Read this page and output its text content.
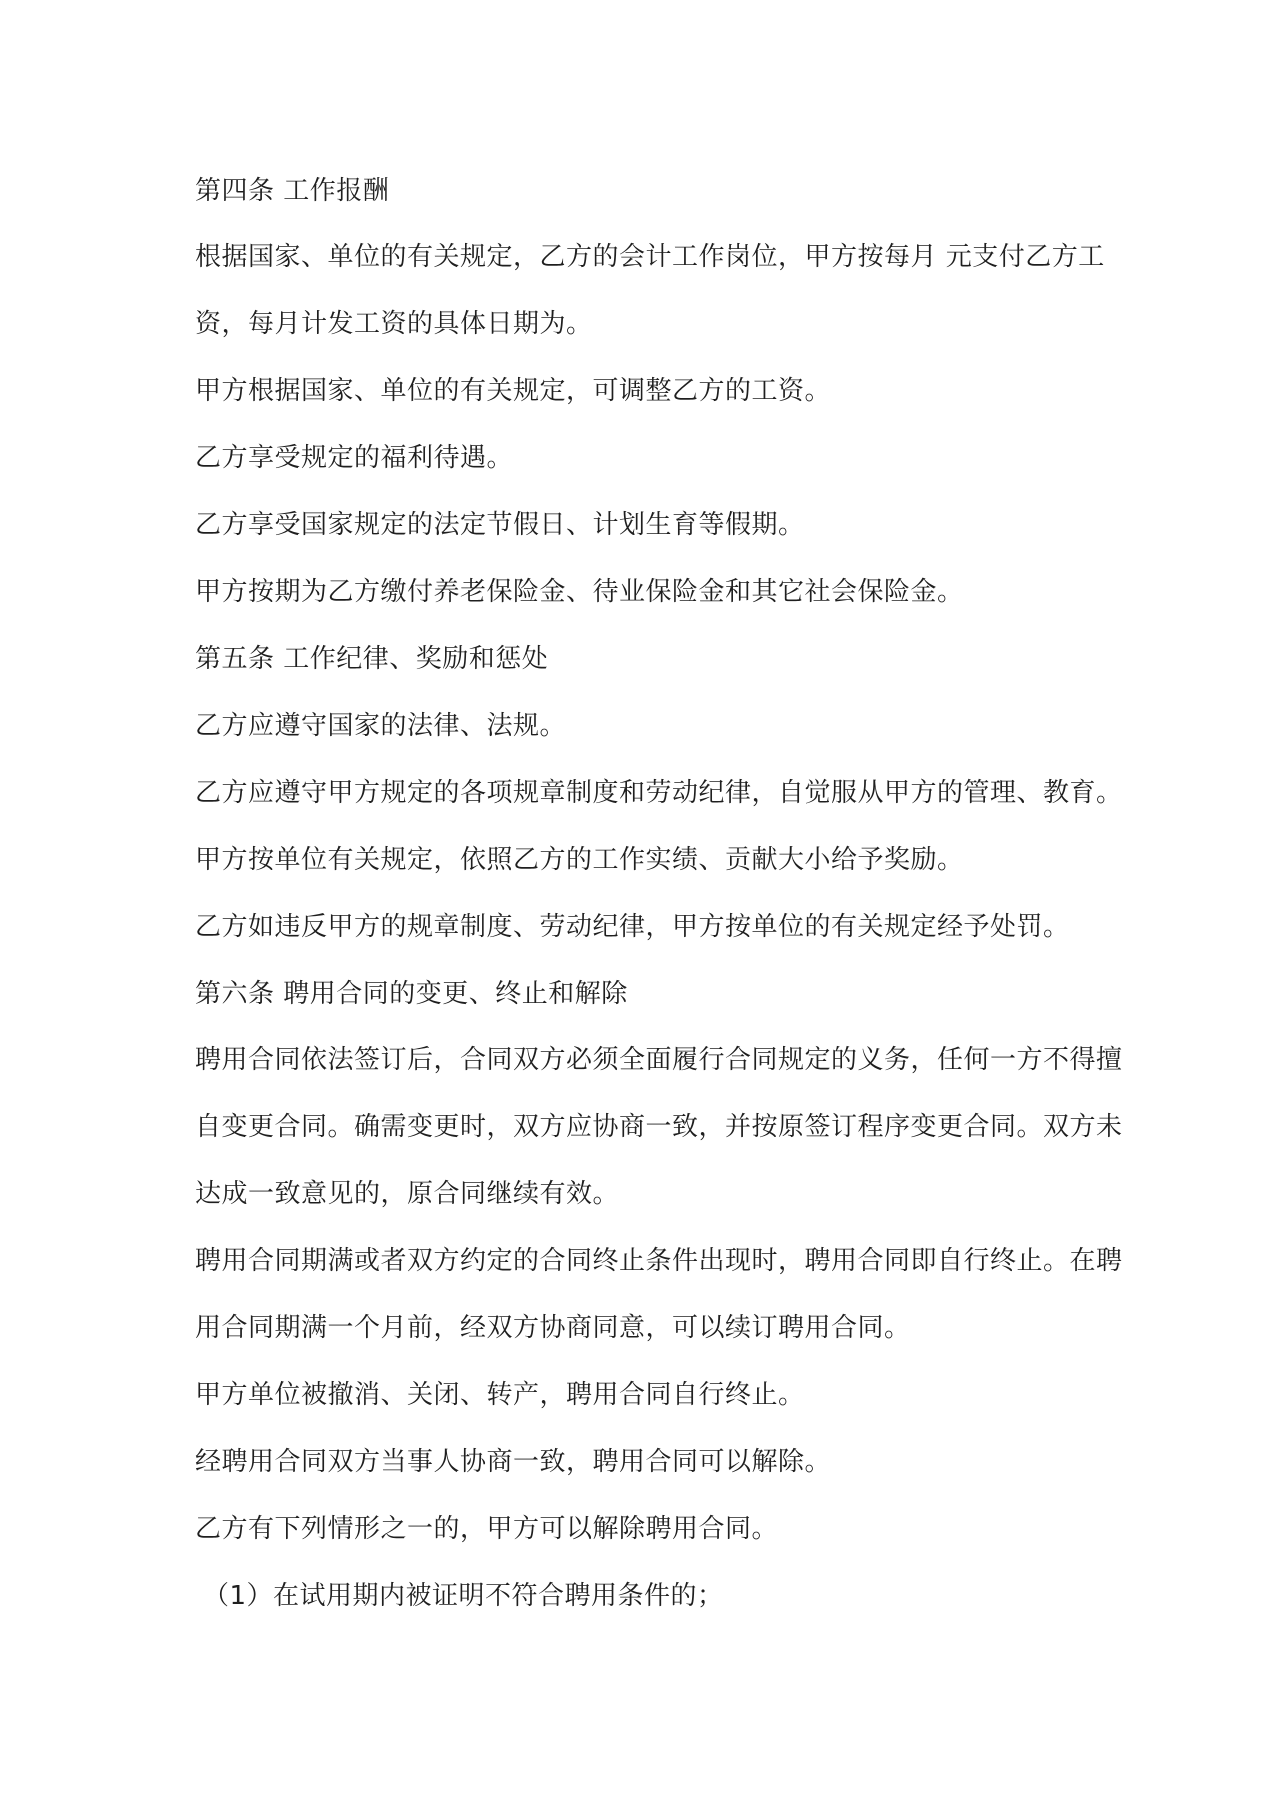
第四条 工作报酬
根据国家、单位的有关规定，乙方的会计工作岗位，甲方按每月 元支付乙方工
资，每月计发工资的具体日期为。
甲方根据国家、单位的有关规定，可调整乙方的工资。
乙方享受规定的福利待遇。
乙方享受国家规定的法定节假日、计划生育等假期。
甲方按期为乙方缴付养老保险金、待业保险金和其它社会保险金。
第五条 工作纪律、奖励和惩处
乙方应遵守国家的法律、法规。
乙方应遵守甲方规定的各项规章制度和劳动纪律，自觉服从甲方的管理、教育。
甲方按单位有关规定，依照乙方的工作实绩、贡献大小给予奖励。
乙方如违反甲方的规章制度、劳动纪律，甲方按单位的有关规定经予处罚。
第六条 聘用合同的变更、终止和解除
聘用合同依法签订后，合同双方必须全面履行合同规定的义务，任何一方不得擅
自变更合同。确需变更时，双方应协商一致，并按原签订程序变更合同。双方未
达成一致意见的，原合同继续有效。
聘用合同期满或者双方约定的合同终止条件出现时，聘用合同即自行终止。在聘
用合同期满一个月前，经双方协商同意，可以续订聘用合同。
甲方单位被撤消、关闭、转产，聘用合同自行终止。
经聘用合同双方当事人协商一致，聘用合同可以解除。
乙方有下列情形之一的，甲方可以解除聘用合同。
（1）在试用期内被证明不符合聘用条件的；
